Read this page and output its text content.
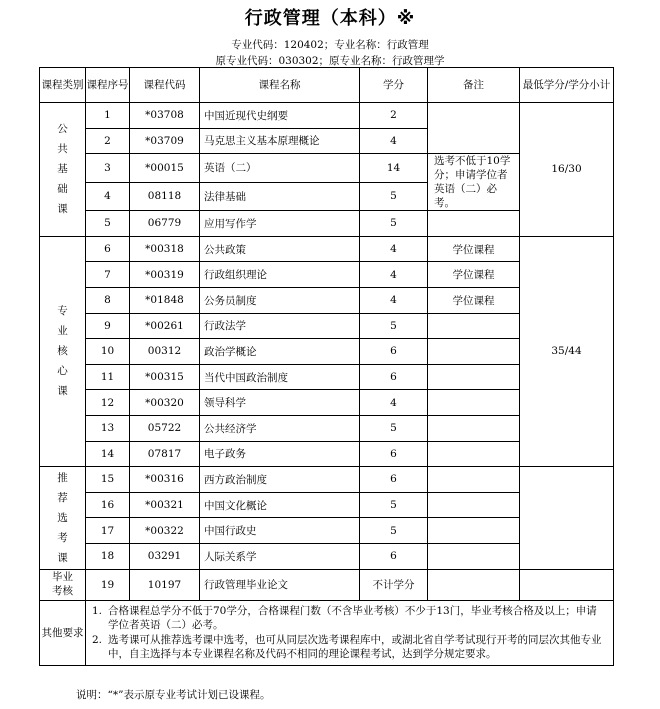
行政管理（本科）※
专业代码：120402；专业名称：行政管理
原专业代码：030302；原专业名称：行政管理学
课程类别	课程序号	课程代码	课程名称	学分	备注	最低学分/学分小计
公共基础课	1	*03708	中国近现代史纲要	2		16/30
	2	*03709	马克思主义基本原理概论	4		
	3	*00015	英语（二）	14	选考不低于10学分；申请学位者英语（二）必考。	
	4	08118	法律基础	5		
	5	06779	应用写作学	5		
专业核心课	6	*00318	公共政策	4	学位课程	35/44
	7	*00319	行政组织理论	4	学位课程	
	8	*01848	公务员制度	4	学位课程	
	9	*00261	行政法学	5		
	10	00312	政治学概论	6		
	11	*00315	当代中国政治制度	6		
	12	*00320	领导科学	4		
	13	05722	公共经济学	5		
	14	07817	电子政务	6		
推荐选考课	15	*00316	西方政治制度	6		
	16	*00321	中国文化概论	5		
	17	*00322	中国行政史	5		
	18	03291	人际关系学	6		
毕业考核	19	10197	行政管理毕业论文	不计学分		
其他要求	1. 合格课程总学分不低于70学分，合格课程门数（不含毕业考核）不少于13门，毕业考核合格及以上；申请学位者英语（二）必考。
2. 选考课可从推荐选考课中选考，也可从同层次选考课程库中，或湖北省自学考试现行开考的同层次其他专业中，自主选择与本专业课程名称及代码不相同的理论课程考试，达到学分规定要求。					
说明：“*”表示原专业考试计划已设课程。
